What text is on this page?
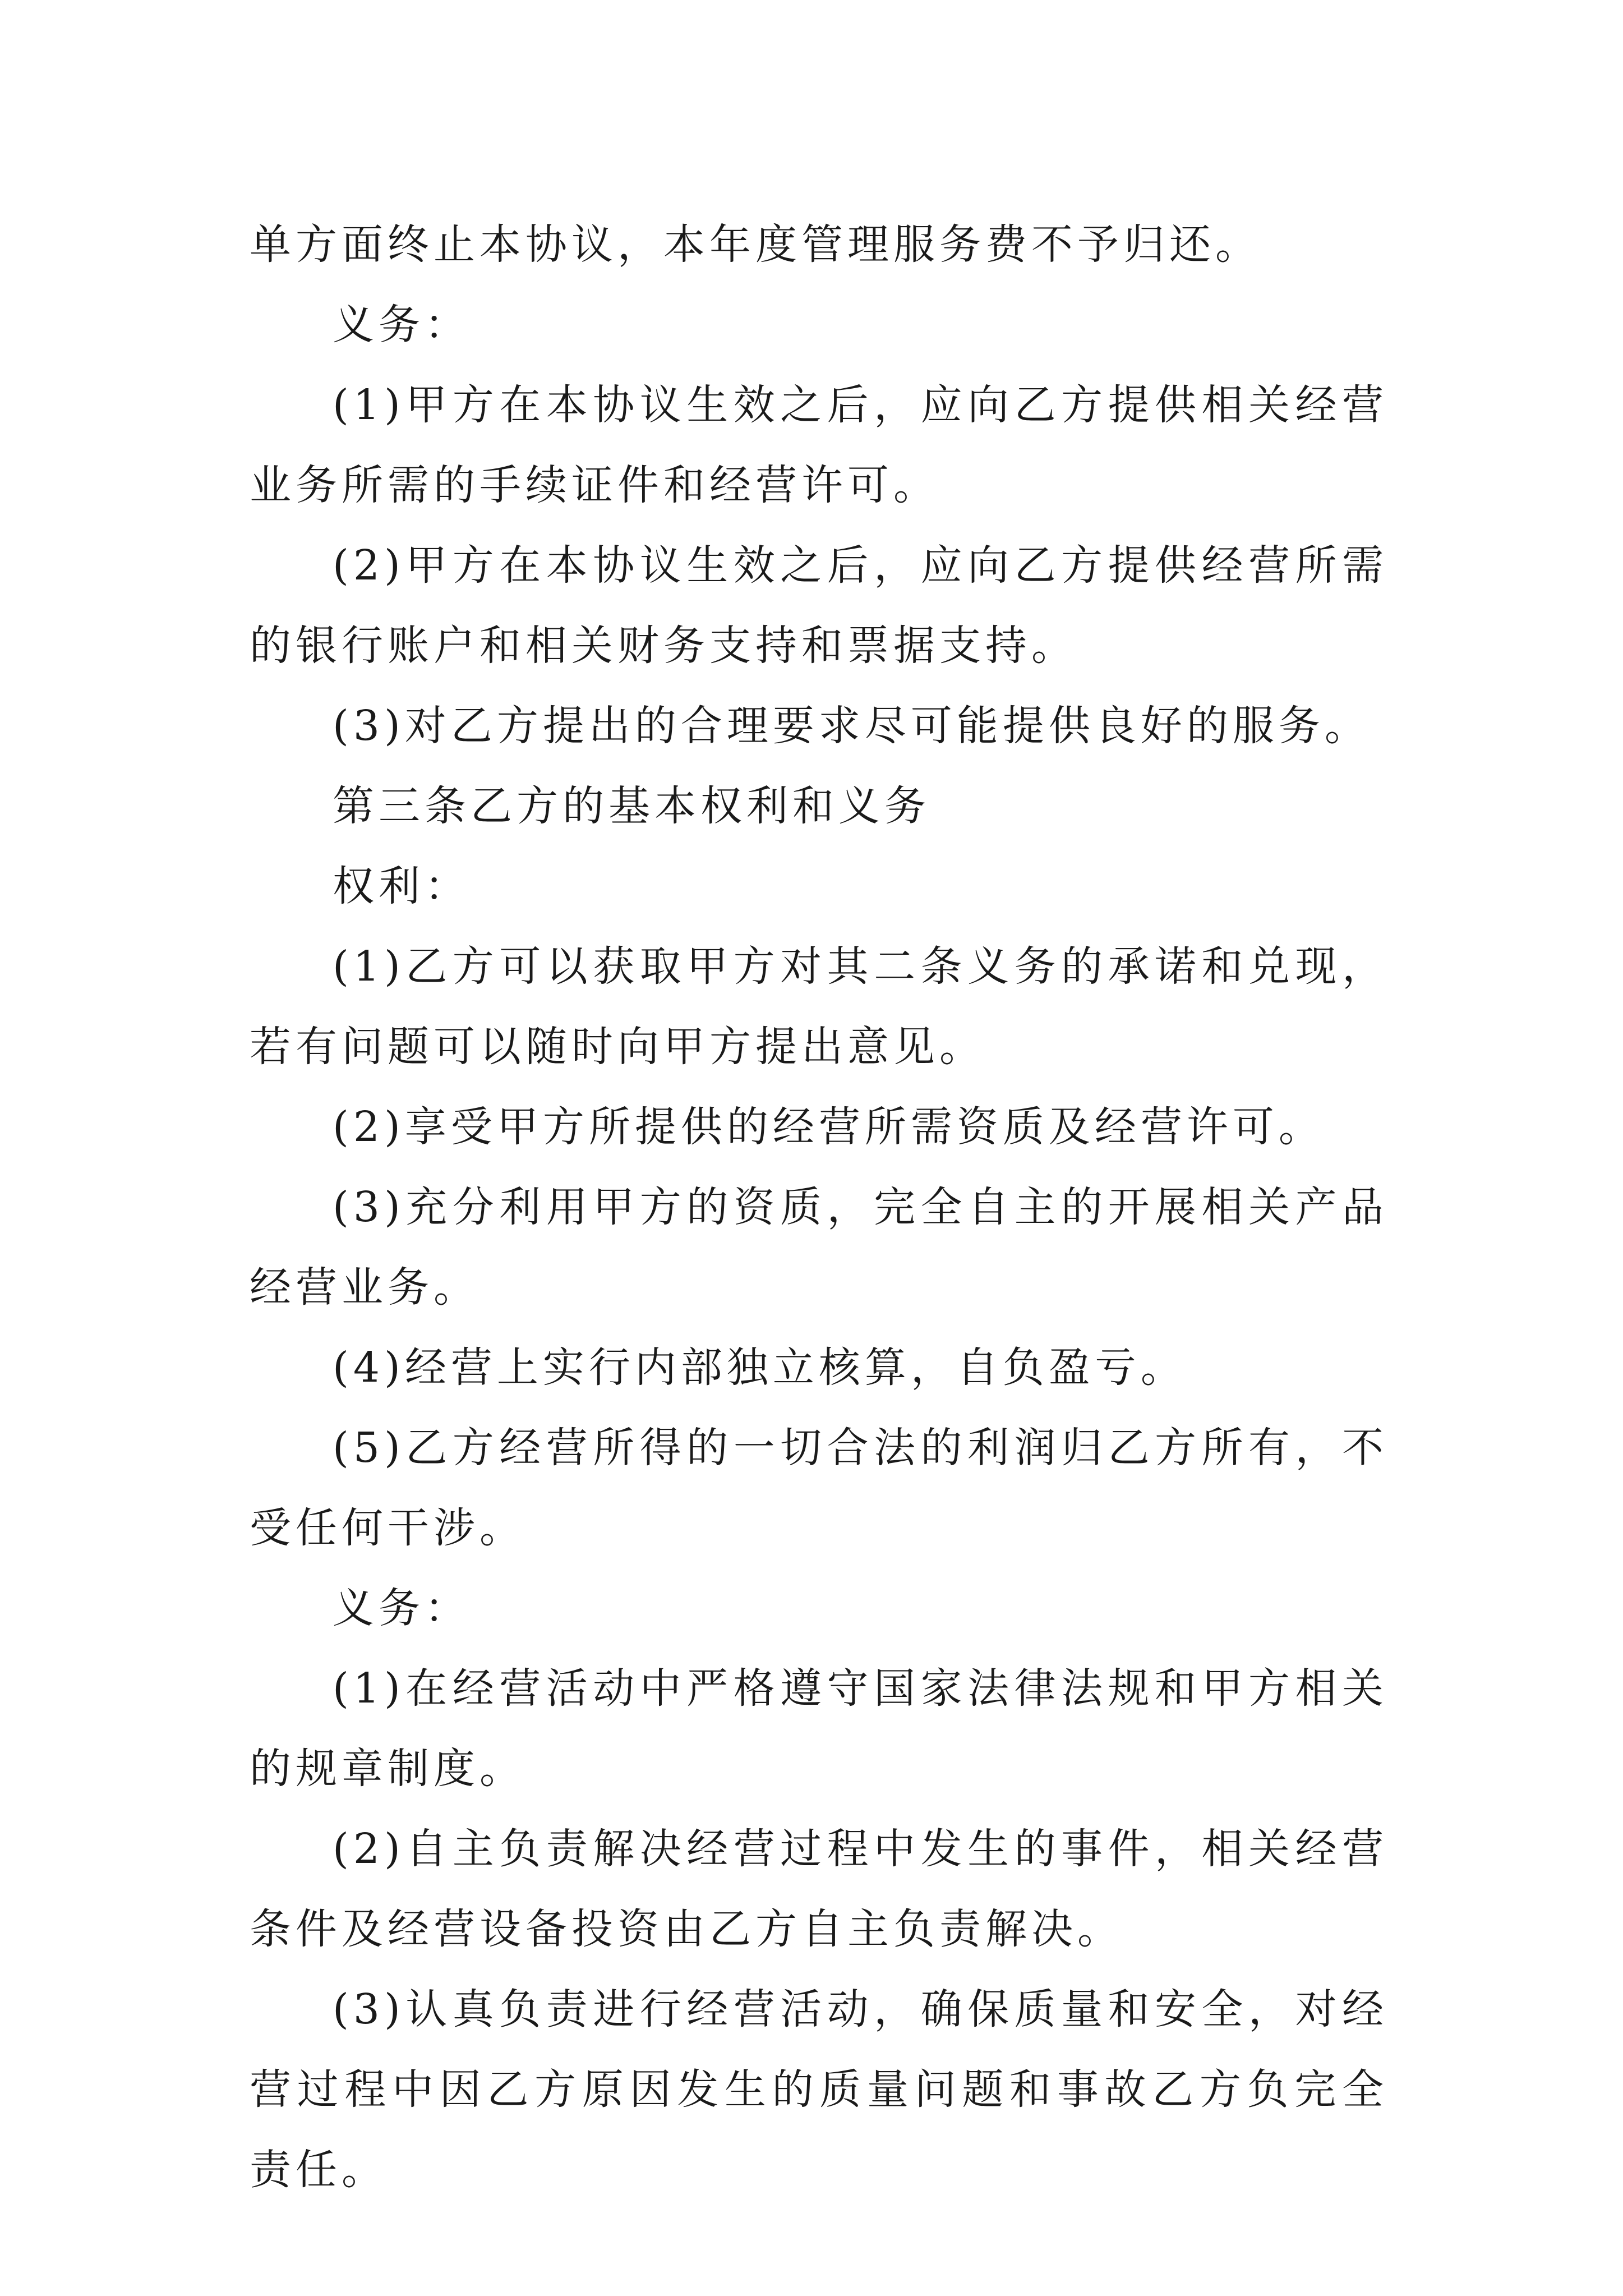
单方面终止本协议，本年度管理服务费不予归还。

义务：

(1)甲方在本协议生效之后，应向乙方提供相关经营业务所需的手续证件和经营许可。

(2)甲方在本协议生效之后，应向乙方提供经营所需的银行账户和相关财务支持和票据支持。

(3)对乙方提出的合理要求尽可能提供良好的服务。

第三条乙方的基本权利和义务

权利：

(1)乙方可以获取甲方对其二条义务的承诺和兑现，若有问题可以随时向甲方提出意见。

(2)享受甲方所提供的经营所需资质及经营许可。

(3)充分利用甲方的资质，完全自主的开展相关产品经营业务。

(4)经营上实行内部独立核算，自负盈亏。

(5)乙方经营所得的一切合法的利润归乙方所有，不受任何干涉。

义务：

(1)在经营活动中严格遵守国家法律法规和甲方相关的规章制度。

(2)自主负责解决经营过程中发生的事件，相关经营条件及经营设备投资由乙方自主负责解决。

(3)认真负责进行经营活动，确保质量和安全，对经营过程中因乙方原因发生的质量问题和事故乙方负完全责任。
